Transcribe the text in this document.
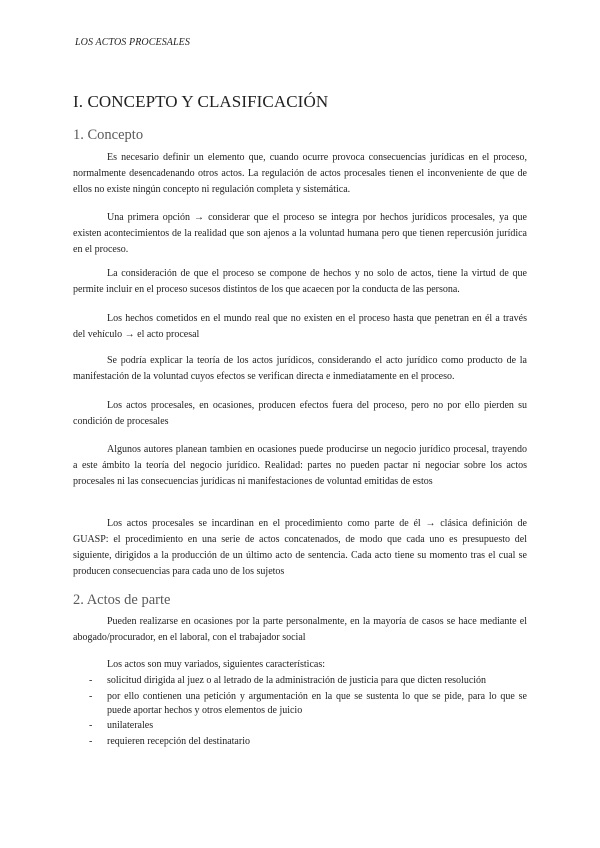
LOS ACTOS PROCESALES
I. CONCEPTO Y CLASIFICACIÓN
1. Concepto

Es necesario definir un elemento que, cuando ocurre provoca consecuencias jurídicas en el proceso, normalmente desencadenando otros actos. La regulación de actos procesales tienen el inconveniente de que de ellos no existe ningún concepto ni regulación completa y sistemática.

Una primera opción → considerar que el proceso se integra por hechos jurídicos procesales, ya que existen acontecimientos de la realidad que son ajenos a la voluntad humana pero que tienen repercusión jurídica en el proceso.

La consideración de que el proceso se compone de hechos y no solo de actos, tiene la virtud de que permite incluir en el proceso sucesos distintos de los que acaecen por la conducta de las persona.

Los hechos cometidos en el mundo real que no existen en el proceso hasta que penetran en él a través del vehículo → el acto procesal

Se podría explicar la teoría de los actos jurídicos, considerando el acto jurídico como producto de la manifestación de la voluntad cuyos efectos se verifican directa e inmediatamente en el proceso.

Los actos procesales, en ocasiones, producen efectos fuera del proceso, pero no por ello pierden su condición de procesales

Algunos autores planean tambien en ocasiones puede producirse un negocio jurídico procesal, trayendo a este ámbito la teoría del negocio jurídico. Realidad: partes no pueden pactar ni negociar sobre los actos procesales ni las consecuencias jurídicas ni manifestaciones de voluntad emitidas de estos

Los actos procesales se incardinan en el procedimiento como parte de él → clásica definición de GUASP: el procedimiento en una serie de actos concatenados, de modo que cada uno es presupuesto del siguiente, dirigidos a la producción de un último acto de sentencia. Cada acto tiene su momento tras el cual se producen consecuencias para cada uno de los sujetos

2. Actos de parte

Pueden realizarse en ocasiones por la parte personalmente, en la mayoría de casos se hace mediante el abogado/procurador, en el laboral, con el trabajador social

Los actos son muy variados, siguientes características:

- solicitud dirigida al juez o al letrado de la administración de justicia para que dicten resolución
- por ello contienen una petición y argumentación en la que se sustenta lo que se pide, para lo que se puede aportar hechos y otros elementos de juicio
- unilaterales
- requieren recepción del destinatario
